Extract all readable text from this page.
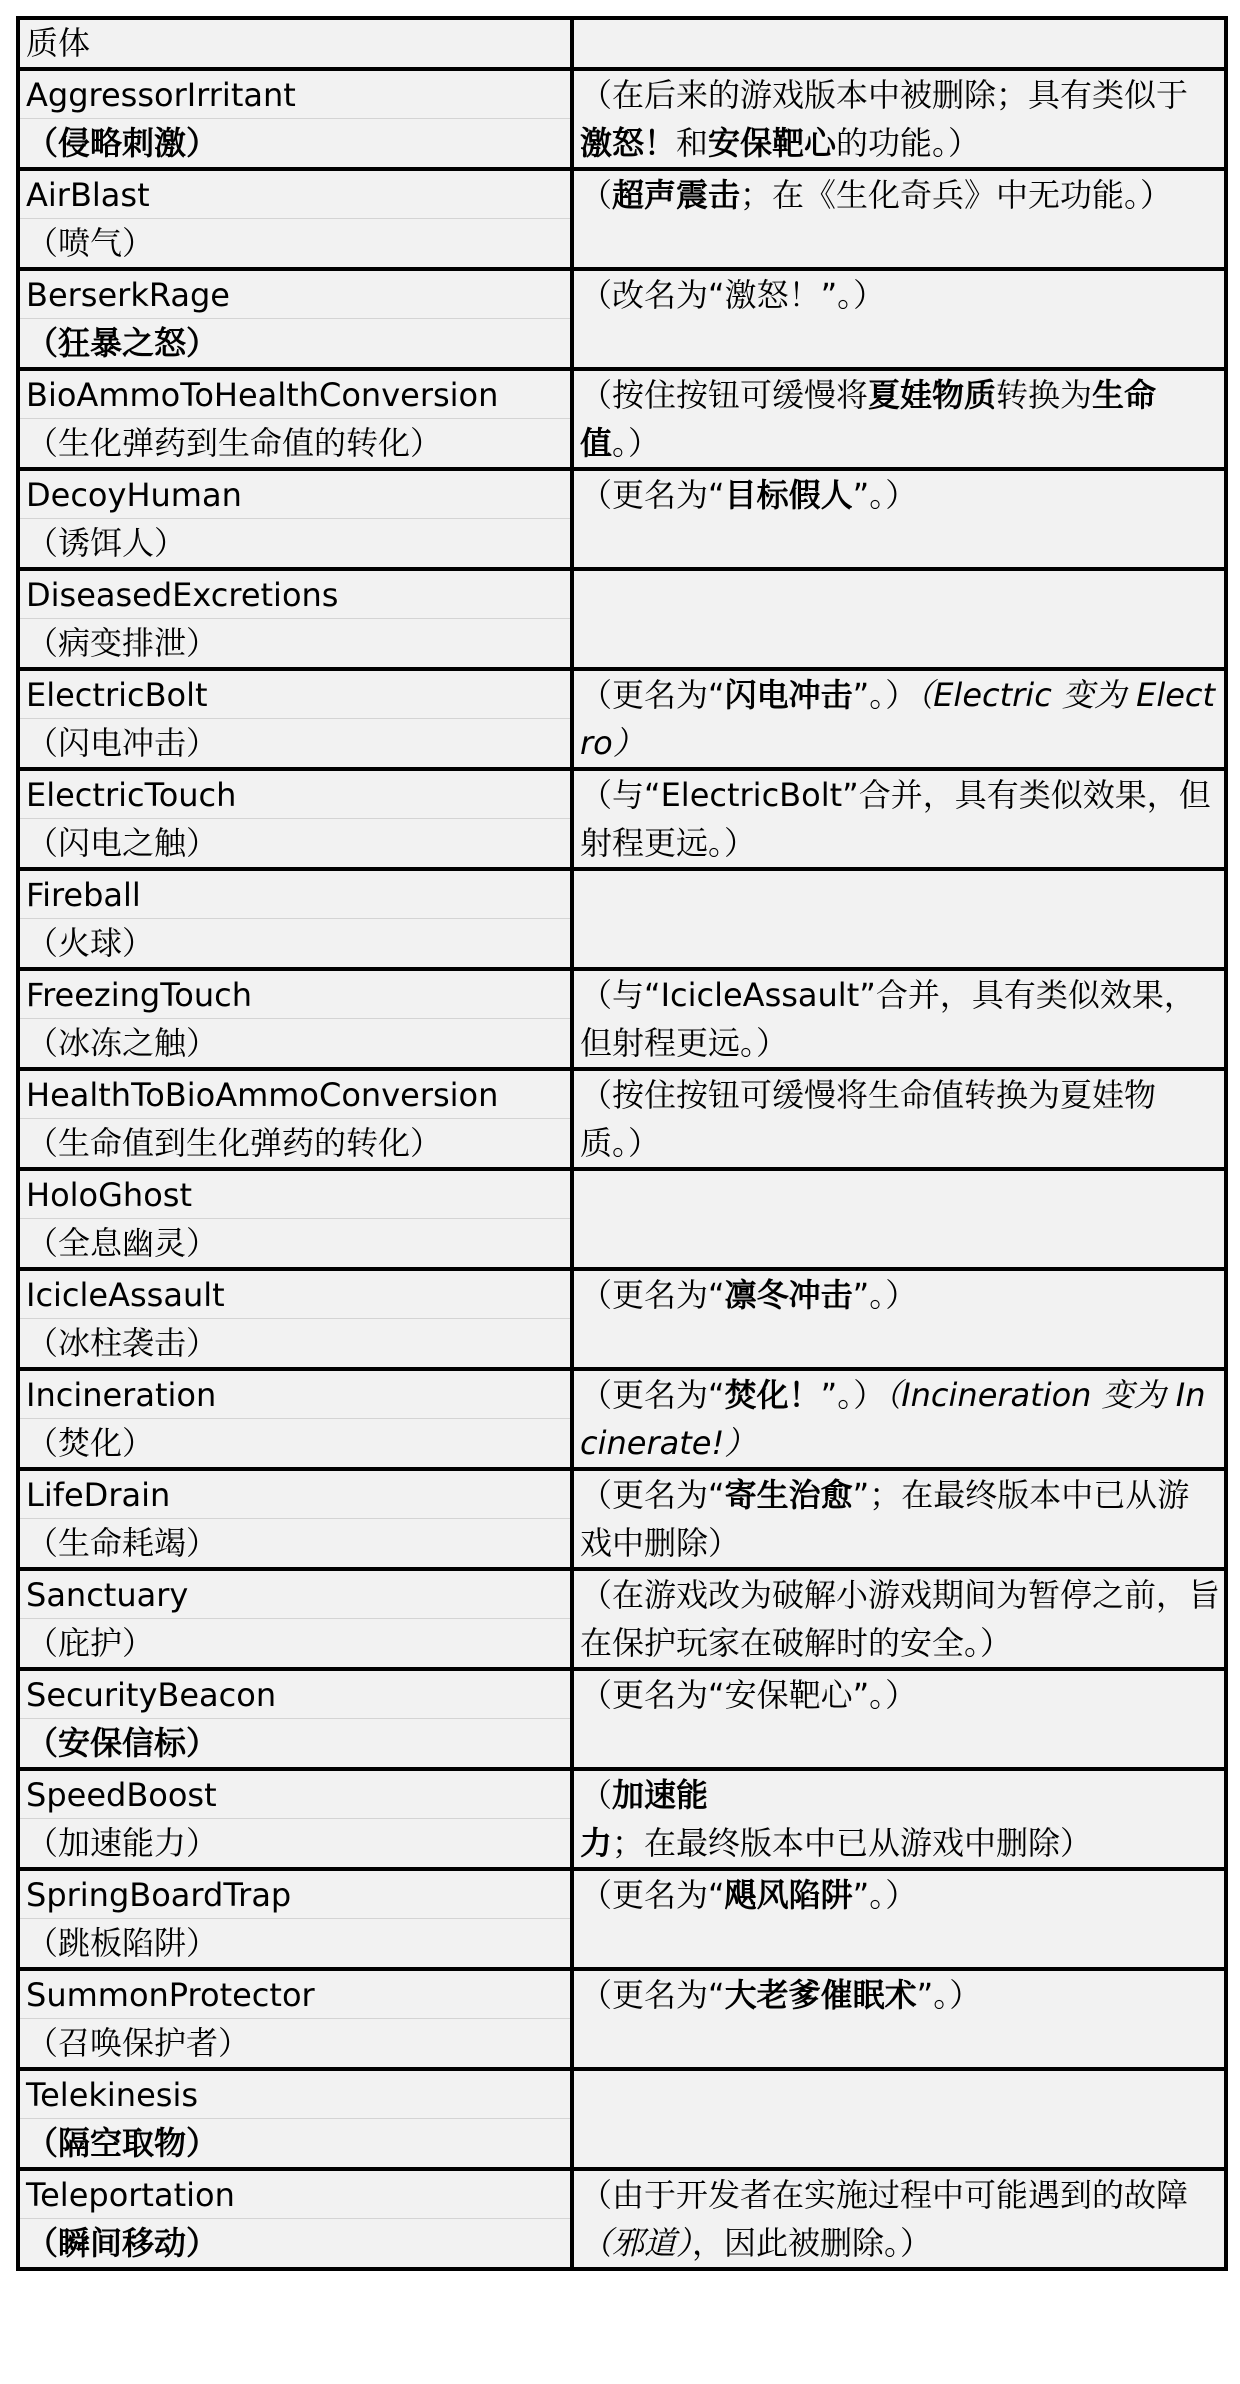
质体	

AggressorIrritant
（侵略刺激）	（在后来的游戏版本中被删除；具有类似于激怒！和安保靶心的功能。）

AirBlast
（喷气）	（超声震击；在《生化奇兵》中无功能。）

BerserkRage
（狂暴之怒）	（改名为“激怒！”。）

BioAmmoToHealthConversion
（生化弹药到生命值的转化）	（按住按钮可缓慢将夏娃物质转换为生命值。）

DecoyHuman
（诱饵人）	（更名为“目标假人”。）

DiseasedExcretions
（病变排泄）	

ElectricBolt
（闪电冲击）	（更名为“闪电冲击”。）（Electric 变为 Electro）

ElectricTouch
（闪电之触）	（与“ElectricBolt”合并，具有类似效果，但射程更远。）

Fireball
（火球）	

FreezingTouch
（冰冻之触）	（与“IcicleAssault”合并，具有类似效果，但射程更远。）

HealthToBioAmmoConversion
（生命值到生化弹药的转化）	（按住按钮可缓慢将生命值转换为夏娃物质。）

HoloGhost
（全息幽灵）	

IcicleAssault
（冰柱袭击）	（更名为“凛冬冲击”。）

Incineration
（焚化）	（更名为“焚化！”。）（Incineration 变为 Incinerate!）

LifeDrain
（生命耗竭）	（更名为“寄生治愈”；在最终版本中已从游戏中删除）

Sanctuary
（庇护）	（在游戏改为破解小游戏期间为暂停之前，旨在保护玩家在破解时的安全。）

SecurityBeacon
（安保信标）	（更名为“安保靶心”。）

SpeedBoost
（加速能力）	（加速能力；在最终版本中已从游戏中删除）

SpringBoardTrap
（跳板陷阱）	（更名为“飓风陷阱”。）

SummonProtector
（召唤保护者）	（更名为“大老爹催眠术”。）

Telekinesis
（隔空取物）	

Teleportation
（瞬间移动）	（由于开发者在实施过程中可能遇到的故障（邪道），因此被删除。）
